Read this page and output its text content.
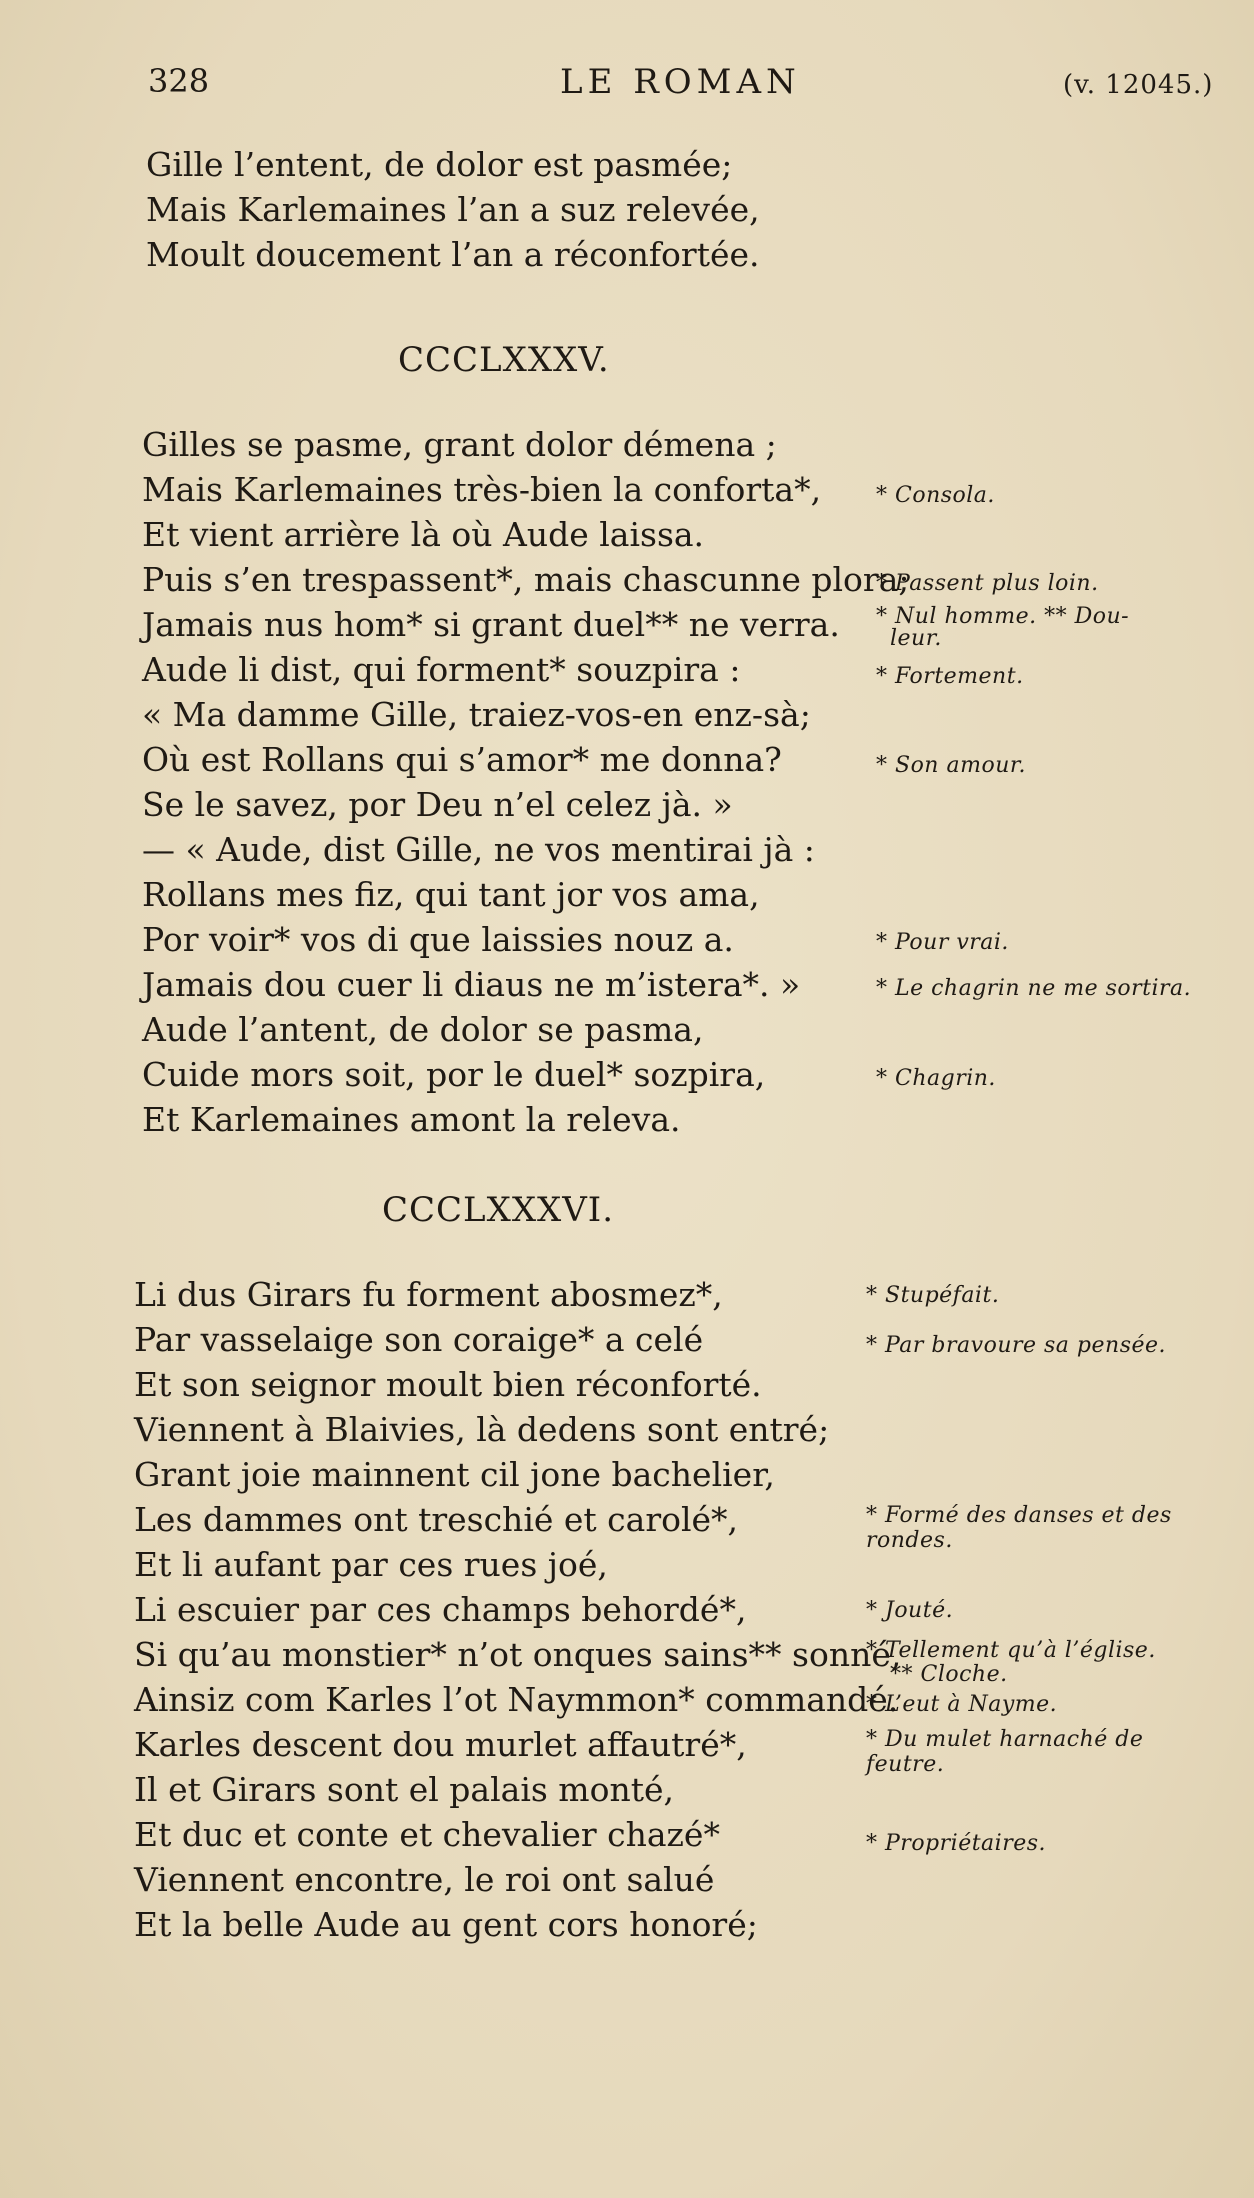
328	LE ROMAN	(v. 12045.)
Gille l’entent, de dolor est pasmée;
Mais Karlemaines l’an a suz relevée,
Moult doucement l’an a réconfortée.
CCCLXXXV.
Gilles se pasme, grant dolor démena ;
Mais Karlemaines très-bien la conforta*,
Et vient arrière là où Aude laissa.
Puis s’en trespassent*, mais chascunne plora;
Jamais nus hom* si grant duel** ne verra.
Aude li dist, qui forment* souzpira :
« Ma damme Gille, traiez-vos-en enz-sà;
Où est Rollans qui s’amor* me donna?
Se le savez, por Deu n’el celez jà. »
— « Aude, dist Gille, ne vos mentirai jà :
Rollans mes fiz, qui tant jor vos ama,
Por voir* vos di que laissies nouz a.
Jamais dou cuer li diaus ne m’istera*. »
Aude l’antent, de dolor se pasma,
Cuide mors soit, por le duel* sozpira,
Et Karlemaines amont la releva.
* Consola.
* Passent plus loin.
* Nul homme. ** Dou-
leur.
* Fortement.
* Son amour.
* Pour vrai.
* Le chagrin ne me sortira.
* Chagrin.
CCCLXXXVI.
Li dus Girars fu forment abosmez*,
Par vasselaige son coraige* a celé
Et son seignor moult bien réconforté.
Viennent à Blaivies, là dedens sont entré;
Grant joie mainnent cil jone bachelier,
Les dammes ont treschié et carolé*,
Et li aufant par ces rues joé,
Li escuier par ces champs behordé*,
Si qu’au monstier* n’ot onques sains** sonné,
Ainsiz com Karles l’ot Naymmon* commandé.
Karles descent dou murlet affautré*,
Il et Girars sont el palais monté,
Et duc et conte et chevalier chazé*
Viennent encontre, le roi ont salué
Et la belle Aude au gent cors honoré;
* Stupéfait.
* Par bravoure sa pensée.
* Formé des danses et des
rondes.
* Jouté.
* Tellement qu’à l’église.
** Cloche.
* L’eut à Nayme.
* Du mulet harnaché de
feutre.
* Propriétaires.
